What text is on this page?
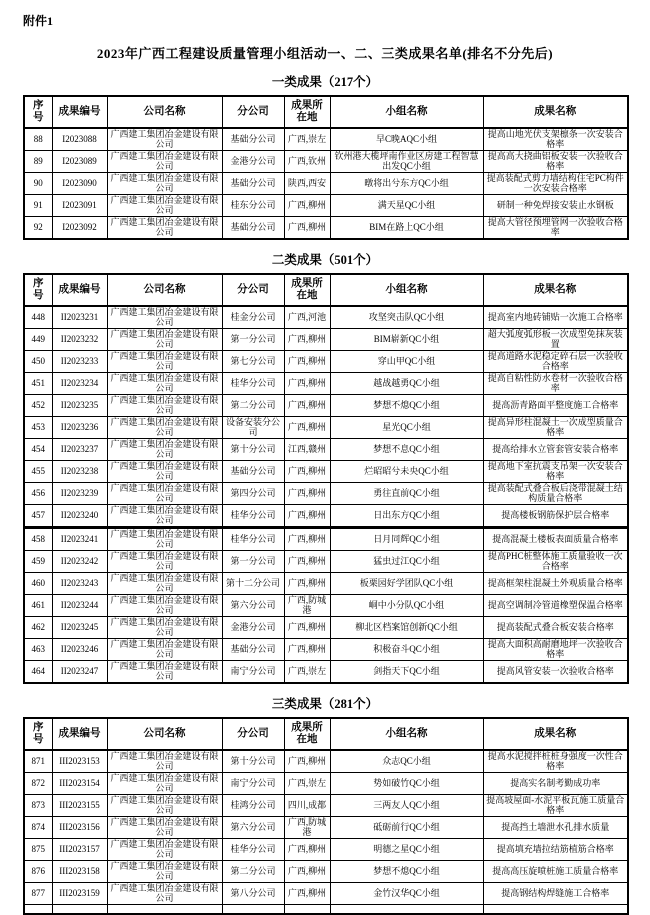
附件1
2023年广西工程建设质量管理小组活动一、二、三类成果名单(排名不分先后)
一类成果（217个）
序号	成果编号	公司名称	分公司	成果所在地	小组名称	成果名称
88	I2023088	广西建工集团冶金建设有限公司	基础分公司	广西,崇左	早C晚AQC小组	提高山地光伏支架檩条一次安装合格率
89	I2023089	广西建工集团冶金建设有限公司	金港分公司	广西,钦州	钦州港大榄坪南作业区房建工程智慧出发QC小组	提高高大挠曲铝板安装一次验收合格率
90	I2023090	广西建工集团冶金建设有限公司	基础分公司	陕西,西安	暾将出兮东方QC小组	提高装配式剪力墙结构住宅PC构件一次安装合格率
91	I2023091	广西建工集团冶金建设有限公司	桂东分公司	广西,柳州	满天星QC小组	研制一种免焊接安装止水钢板
92	I2023092	广西建工集团冶金建设有限公司	基础分公司	广西,柳州	BIM在路上QC小组	提高大管径预埋管网一次验收合格率
二类成果（501个）
序号	成果编号	公司名称	分公司	成果所在地	小组名称	成果名称
448	II2023231	广西建工集团冶金建设有限公司	桂金分公司	广西,河池	攻坚突击队QC小组	提高室内地砖铺贴一次施工合格率
449	II2023232	广西建工集团冶金建设有限公司	第一分公司	广西,柳州	BIM崭新QC小组	超大弧度弧形板一次成型免抹灰装置
450	II2023233	广西建工集团冶金建设有限公司	第七分公司	广西,柳州	穿山甲QC小组	提高道路水泥稳定碎石层一次验收合格率
451	II2023234	广西建工集团冶金建设有限公司	桂华分公司	广西,柳州	越战越勇QC小组	提高自粘性防水卷材一次验收合格率
452	II2023235	广西建工集团冶金建设有限公司	第二分公司	广西,柳州	梦想不熄QC小组	提高沥青路面平整度施工合格率
453	II2023236	广西建工集团冶金建设有限公司	设备安装分公司	广西,柳州	星光QC小组	提高异形柱混凝土一次成型质量合格率
454	II2023237	广西建工集团冶金建设有限公司	第十分公司	江西,赣州	梦想不息QC小组	提高给排水立管套管安装合格率
455	II2023238	广西建工集团冶金建设有限公司	基础分公司	广西,柳州	烂昭昭兮未央QC小组	提高地下室抗震支吊架一次安装合格率
456	II2023239	广西建工集团冶金建设有限公司	第四分公司	广西,柳州	勇往直前QC小组	提高装配式叠合板后浇带混凝土结构质量合格率
457	II2023240	广西建工集团冶金建设有限公司	桂华分公司	广西,柳州	日出东方QC小组	提高楼板钢筋保护层合格率
458	II2023241	广西建工集团冶金建设有限公司	桂华分公司	广西,柳州	日月同辉QC小组	提高混凝土楼板表面质量合格率
459	II2023242	广西建工集团冶金建设有限公司	第一分公司	广西,柳州	猛虫过江QC小组	提高PHC桩整体施工质量验收一次合格率
460	II2023243	广西建工集团冶金建设有限公司	第十二分公司	广西,柳州	板栗园好学团队QC小组	提高框架柱混凝土外观质量合格率
461	II2023244	广西建工集团冶金建设有限公司	第六分公司	广西,防城港	峒中小分队QC小组	提高空调制冷管道橡塑保温合格率
462	II2023245	广西建工集团冶金建设有限公司	金港分公司	广西,柳州	柳北区档案馆创新QC小组	提高装配式叠合板安装合格率
463	II2023246	广西建工集团冶金建设有限公司	基础分公司	广西,柳州	积极奋斗QC小组	提高大面积高耐磨地坪一次验收合格率
464	II2023247	广西建工集团冶金建设有限公司	南宁分公司	广西,崇左	剑指天下QC小组	提高风管安装一次验收合格率
三类成果（281个）
序号	成果编号	公司名称	分公司	成果所在地	小组名称	成果名称
871	III2023153	广西建工集团冶金建设有限公司	第十分公司	广西,柳州	众志QC小组	提高水泥搅拌桩桩身强度一次性合格率
872	III2023154	广西建工集团冶金建设有限公司	南宁分公司	广西,崇左	势如破竹QC小组	提高实名制考勤成功率
873	III2023155	广西建工集团冶金建设有限公司	桂鸿分公司	四川,成都	三两友人QC小组	提高坡屋面-水泥平板瓦施工质量合格率
874	III2023156	广西建工集团冶金建设有限公司	第六分公司	广西,防城港	砥砺前行QC小组	提高挡土墙泄水孔排水质量
875	III2023157	广西建工集团冶金建设有限公司	桂华分公司	广西,柳州	明德之星QC小组	提高填充墙拉结筋植筋合格率
876	III2023158	广西建工集团冶金建设有限公司	第二分公司	广西,柳州	梦想不熄QC小组	提高高压旋喷桩施工质量合格率
877	III2023159	广西建工集团冶金建设有限公司	第八分公司	广西,柳州	金竹汉华QC小组	提高钢结构焊缝施工合格率
